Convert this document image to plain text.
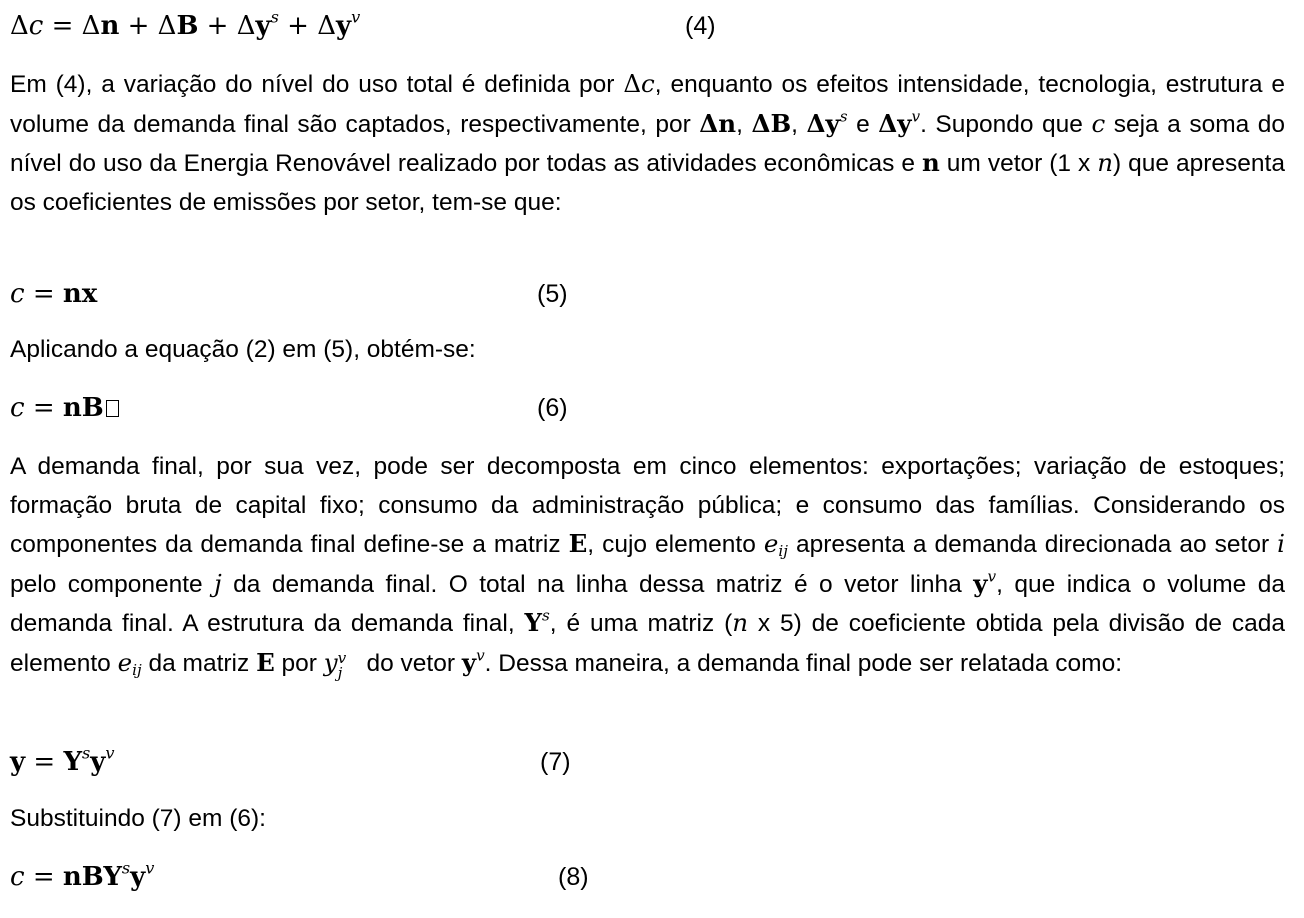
$\Delta c = \Delta n + \Delta B + \Delta y^s + \Delta y^v$	(4)
Em (4), a variação do nível do uso total é definida por Δc, enquanto os efeitos intensidade, tecnologia, estrutura e volume da demanda final são captados, respectivamente, por Δn, ΔB, $\Delta y^s$ e $\Delta y^v$. Supondo que c seja a soma do nível do uso da Energia Renovável realizado por todas as atividades econômicas e n um vetor (1 x n) que apresenta os coeficientes de emissões por setor, tem-se que:
c = nx	(5)
Aplicando a equação (2) em (5), obtém-se:
c = nB	(6)
A demanda final, por sua vez, pode ser decomposta em cinco elementos: exportações; variação de estoques; formação bruta de capital fixo; consumo da administração pública; e consumo das famílias. Considerando os componentes da demanda final define-se a matriz E, cujo elemento $e_{ij}$ apresenta a demanda direcionada ao setor i pelo componente j da demanda final. O total na linha dessa matriz é o vetor linha $y^v$, que indica o volume da demanda final. A estrutura da demanda final, $Y^s$, é uma matriz (n x 5) de coeficiente obtida pela divisão de cada elemento $e_{ij}$ da matriz E por y v
j do vetor $y^v$. Dessa maneira, a demanda final pode ser relatada como:
$y = Y^sy^v$	(7)
Substituindo (7) em (6):
$c = nBY^sy^v$	(8)
